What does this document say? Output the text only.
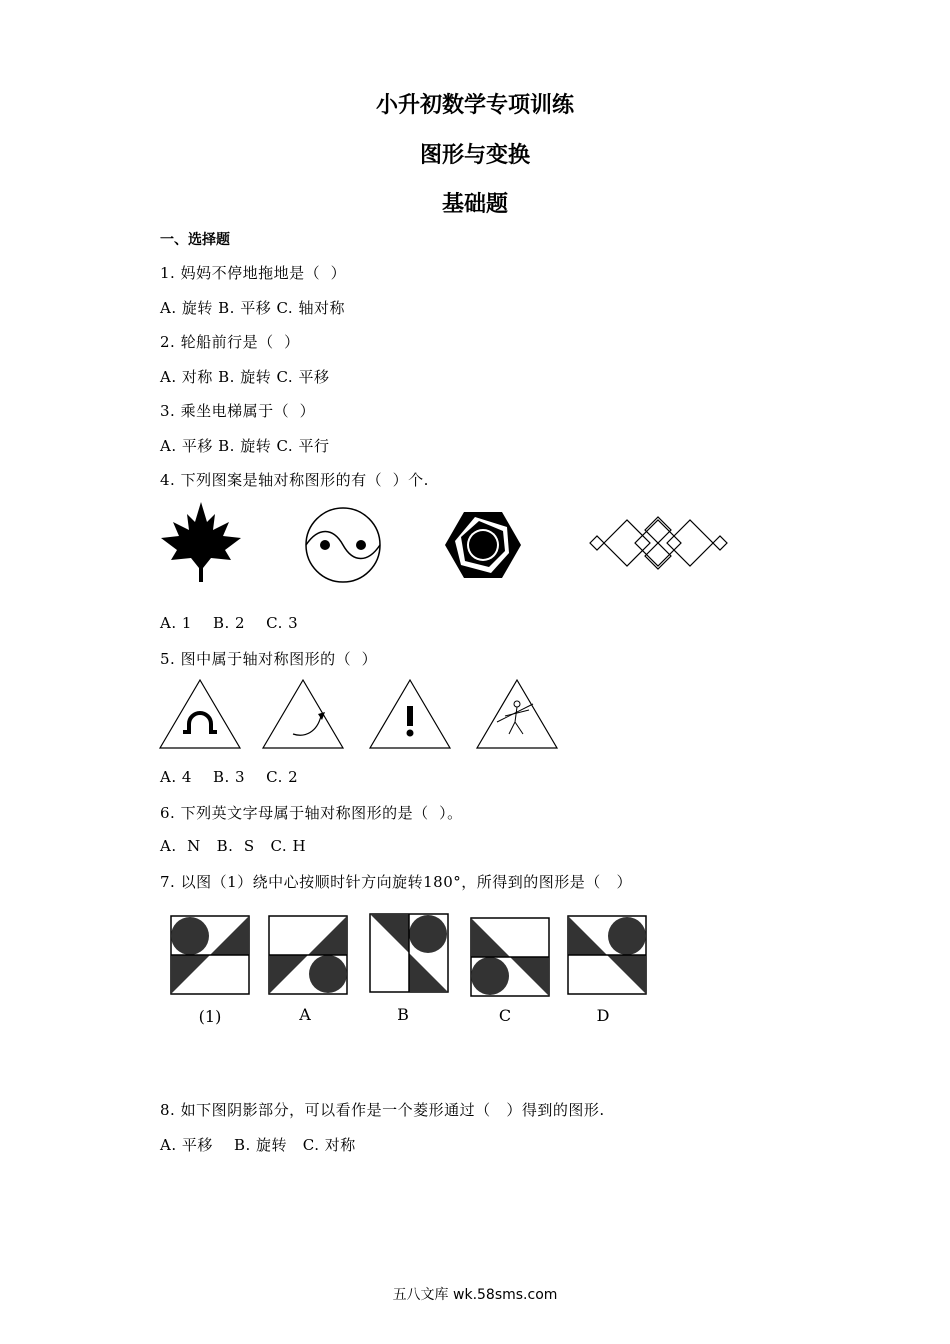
小升初数学专项训练
图形与变换
基础题
一、选择题
1. 妈妈不停地拖地是（  ）
A. 旋转 B. 平移 C. 轴对称
2. 轮船前行是（  ）
A. 对称 B. 旋转 C. 平移
3. 乘坐电梯属于（  ）
A. 平移 B. 旋转 C. 平行
4. 下列图案是轴对称图形的有（  ）个.
A. 1    B. 2    C. 3
5. 图中属于轴对称图形的（  ）
A. 4    B. 3    C. 2
6. 下列英文字母属于轴对称图形的是（  ）。
A.  N   B.  S   C. H
7. 以图（1）绕中心按顺时针方向旋转180°，所得到的图形是（   ）
(1)	A	B	C	D
8. 如下图阴影部分，可以看作是一个菱形通过（   ）得到的图形.
A. 平移    B. 旋转   C. 对称
五八文库 wk.58sms.com
